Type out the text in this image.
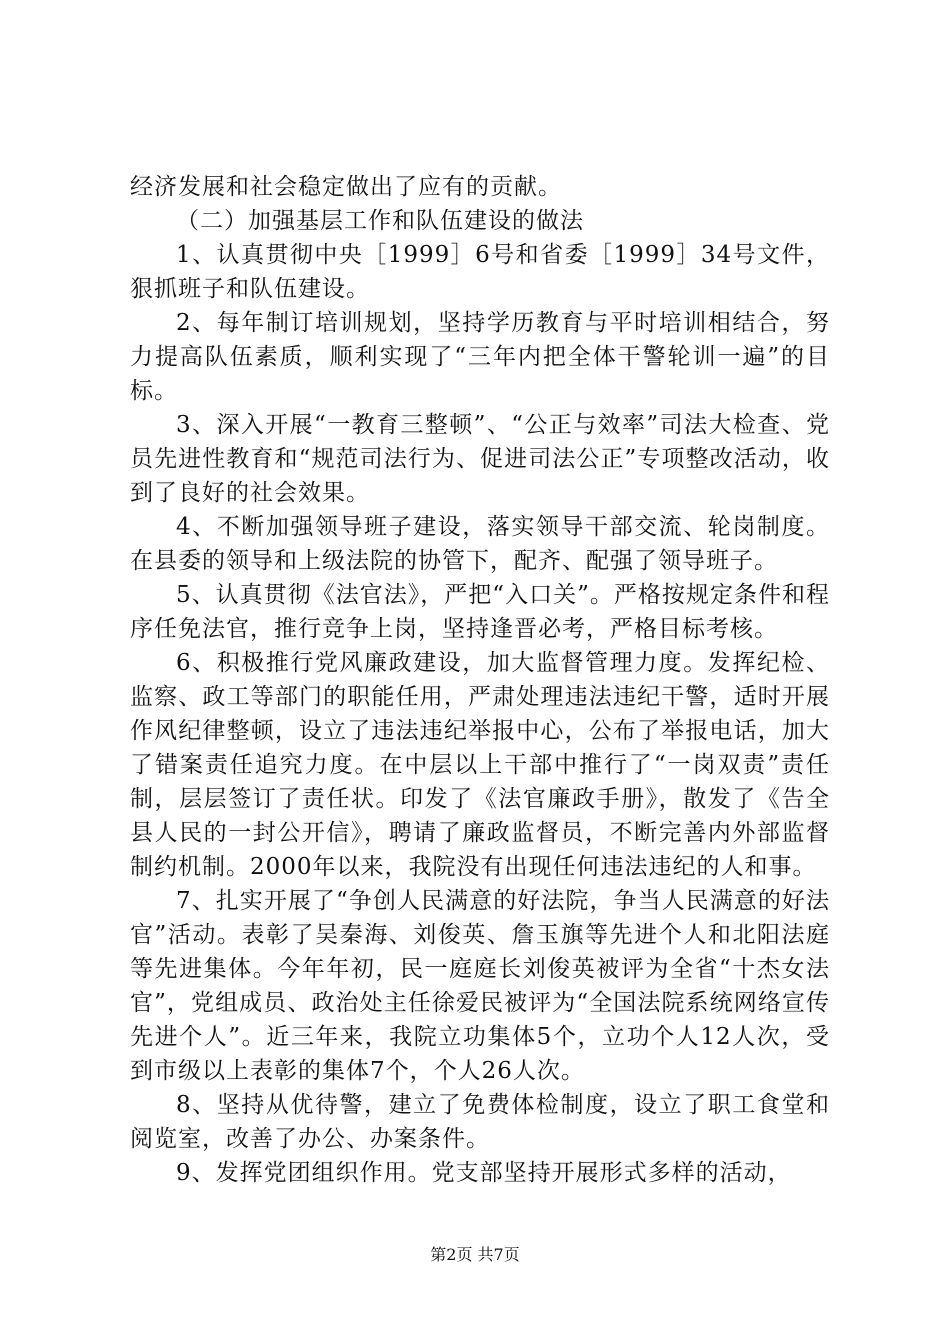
经济发展和社会稳定做出了应有的贡献。

（二）加强基层工作和队伍建设的做法

1、认真贯彻中央［1999］6号和省委［1999］34号文件，狠抓班子和队伍建设。

2、每年制订培训规划，坚持学历教育与平时培训相结合，努力提高队伍素质，顺利实现了“三年内把全体干警轮训一遍”的目标。

3、深入开展“一教育三整顿”、“公正与效率”司法大检查、党员先进性教育和“规范司法行为、促进司法公正”专项整改活动，收到了良好的社会效果。

4、不断加强领导班子建设，落实领导干部交流、轮岗制度。在县委的领导和上级法院的协管下，配齐、配强了领导班子。

5、认真贯彻《法官法》，严把“入口关”。严格按规定条件和程序任免法官，推行竞争上岗，坚持逢晋必考，严格目标考核。

6、积极推行党风廉政建设，加大监督管理力度。发挥纪检、监察、政工等部门的职能任用，严肃处理违法违纪干警，适时开展作风纪律整顿，设立了违法违纪举报中心，公布了举报电话，加大了错案责任追究力度。在中层以上干部中推行了“一岗双责”责任制，层层签订了责任状。印发了《法官廉政手册》，散发了《告全县人民的一封公开信》，聘请了廉政监督员，不断完善内外部监督制约机制。2000年以来，我院没有出现任何违法违纪的人和事。

7、扎实开展了“争创人民满意的好法院，争当人民满意的好法官”活动。表彰了吴秦海、刘俊英、詹玉旗等先进个人和北阳法庭等先进集体。今年年初，民一庭庭长刘俊英被评为全省“十杰女法官”，党组成员、政治处主任徐爱民被评为“全国法院系统网络宣传先进个人”。近三年来，我院立功集体5个，立功个人12人次，受到市级以上表彰的集体7个，个人26人次。

8、坚持从优待警，建立了免费体检制度，设立了职工食堂和阅览室，改善了办公、办案条件。

9、发挥党团组织作用。党支部坚持开展形式多样的活动，

第2页 共7页
